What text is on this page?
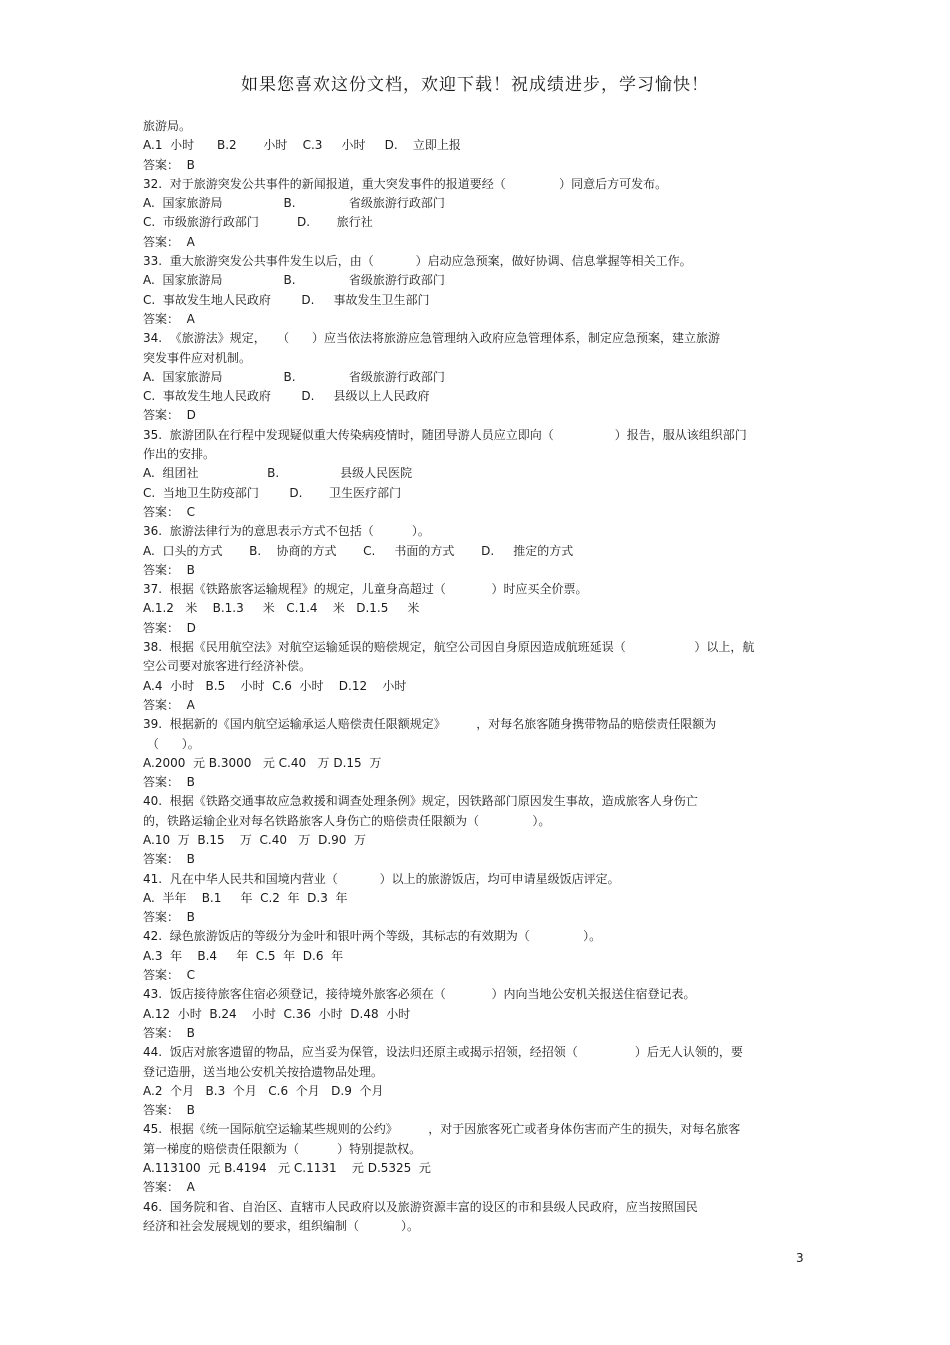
如果您喜欢这份文档，欢迎下载！祝成绩进步，学习愉快！
旅游局。
A.1  小时      B.2       小时    C.3     小时     D.    立即上报
答案：  B
32.  对于旅游突发公共事件的新闻报道，重大突发事件的报道要经（              ）同意后方可发布。
A.  国家旅游局                B.              省级旅游行政部门
C.  市级旅游行政部门          D.       旅行社
答案：  A
33.  重大旅游突发公共事件发生以后，由（           ）启动应急预案，做好协调、信息掌握等相关工作。
A.  国家旅游局                B.              省级旅游行政部门
C.  事故发生地人民政府        D.     事故发生卫生部门
答案：  A
34.  《旅游法》规定，   （      ）应当依法将旅游应急管理纳入政府应急管理体系，制定应急预案，建立旅游
突发事件应对机制。
A.  国家旅游局                B.              省级旅游行政部门
C.  事故发生地人民政府        D.     县级以上人民政府
答案：  D
35.  旅游团队在行程中发现疑似重大传染病疫情时，随团导游人员应立即向（                ）报告，服从该组织部门
作出的安排。
A.  组团社                  B.                县级人民医院
C.  当地卫生防疫部门        D.       卫生医疗部门
答案：  C
36.  旅游法律行为的意思表示方式不包括（          ）。
A.  口头的方式       B.    协商的方式       C.     书面的方式       D.     推定的方式
答案：  B
37.  根据《铁路旅客运输规程》的规定，儿童身高超过（            ）时应买全价票。
A.1.2   米    B.1.3     米   C.1.4    米   D.1.5     米
答案：  D
38.  根据《民用航空法》对航空运输延误的赔偿规定，航空公司因自身原因造成航班延误（                  ）以上，航
空公司要对旅客进行经济补偿。
A.4  小时   B.5    小时  C.6  小时    D.12    小时
答案：  A
39.  根据新的《国内航空运输承运人赔偿责任限额规定》        ，对每名旅客随身携带物品的赔偿责任限额为
（      ）。
A.2000  元 B.3000   元 C.40   万 D.15  万
答案：  B
40.  根据《铁路交通事故应急救援和调查处理条例》规定，因铁路部门原因发生事故，造成旅客人身伤亡
的，铁路运输企业对每名铁路旅客人身伤亡的赔偿责任限额为（              ）。
A.10  万  B.15    万  C.40   万  D.90  万
答案：  B
41.  凡在中华人民共和国境内营业（           ）以上的旅游饭店，均可申请星级饭店评定。
A.  半年    B.1     年  C.2  年  D.3  年
答案：  B
42.  绿色旅游饭店的等级分为金叶和银叶两个等级，其标志的有效期为（              ）。
A.3  年    B.4     年  C.5  年  D.6  年
答案：  C
43.  饭店接待旅客住宿必须登记，接待境外旅客必须在（            ）内向当地公安机关报送住宿登记表。
A.12  小时  B.24    小时  C.36  小时  D.48  小时
答案：  B
44.  饭店对旅客遗留的物品，应当妥为保管，设法归还原主或揭示招领，经招领（               ）后无人认领的，要
登记造册，送当地公安机关按拾遗物品处理。
A.2  个月   B.3  个月   C.6  个月   D.9  个月
答案：  B
45.  根据《统一国际航空运输某些规则的公约》        ，对于因旅客死亡或者身体伤害而产生的损失，对每名旅客
第一梯度的赔偿责任限额为（          ）特别提款权。
A.113100  元 B.4194   元 C.1131    元 D.5325  元
答案：  A
46.  国务院和省、自治区、直辖市人民政府以及旅游资源丰富的设区的市和县级人民政府，应当按照国民
经济和社会发展规划的要求，组织编制（           ）。
3
